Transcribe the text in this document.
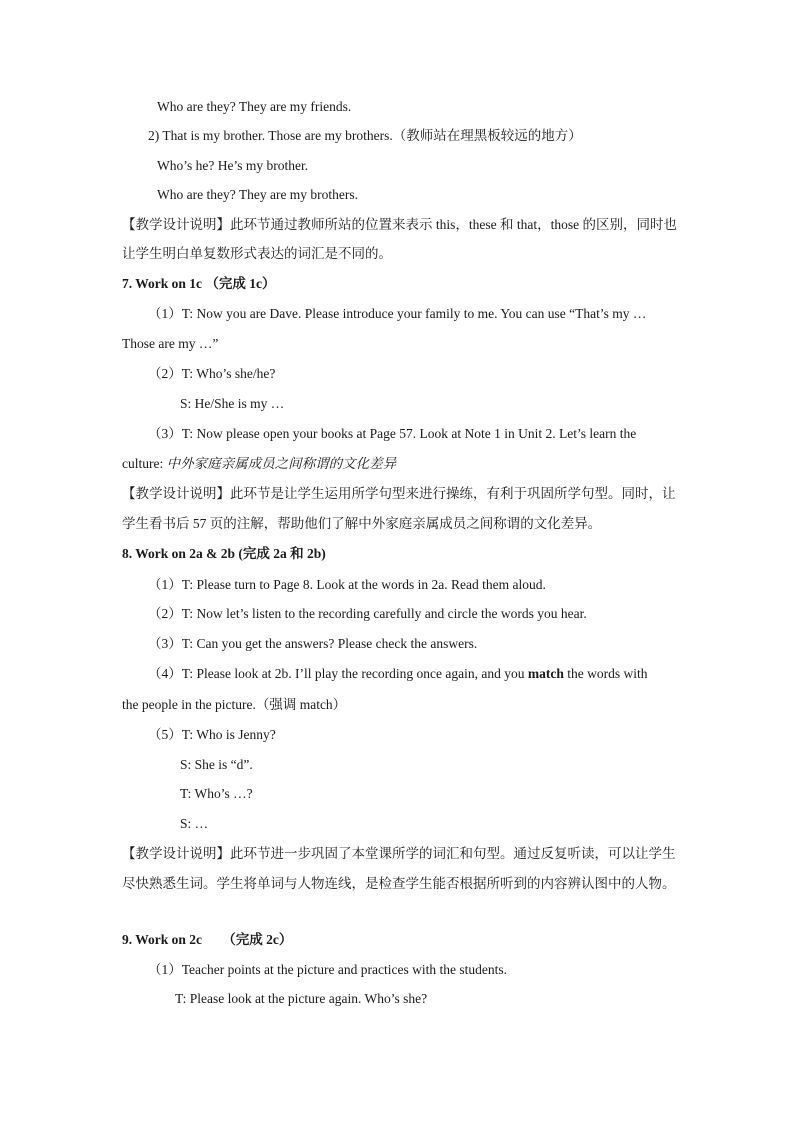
Who are they? They are my friends.

2) That is my brother. Those are my brothers.（教师站在理黑板较远的地方）

Who’s he? He’s my brother.

Who are they? They are my brothers.

【教学设计说明】此环节通过教师所站的位置来表示 this，these 和 that，those 的区别，同时也

让学生明白单复数形式表达的词汇是不同的。

7. Work on 1c （完成 1c）

（1）T: Now you are Dave. Please introduce your family to me. You can use “That’s my …

Those are my …”

（2）T: Who’s she/he?

S: He/She is my …

（3）T: Now please open your books at Page 57. Look at Note 1 in Unit 2. Let’s learn the

culture: 中外家庭亲属成员之间称谓的文化差异

【教学设计说明】此环节是让学生运用所学句型来进行操练，有利于巩固所学句型。同时，让

学生看书后 57 页的注解，帮助他们了解中外家庭亲属成员之间称谓的文化差异。

8. Work on 2a & 2b (完成 2a 和 2b)

（1）T: Please turn to Page 8. Look at the words in 2a. Read them aloud.

（2）T: Now let’s listen to the recording carefully and circle the words you hear.

（3）T: Can you get the answers? Please check the answers.

（4）T: Please look at 2b. I’ll play the recording once again, and you match the words with

the people in the picture.（强调 match）

（5）T: Who is Jenny?

S: She is “d”.

T: Who’s …?

S: …

【教学设计说明】此环节进一步巩固了本堂课所学的词汇和句型。通过反复听读，可以让学生

尽快熟悉生词。学生将单词与人物连线，是检查学生能否根据所听到的内容辨认图中的人物。

9. Work on 2c　　（完成 2c）

（1）Teacher points at the picture and practices with the students.

T: Please look at the picture again. Who’s she?
